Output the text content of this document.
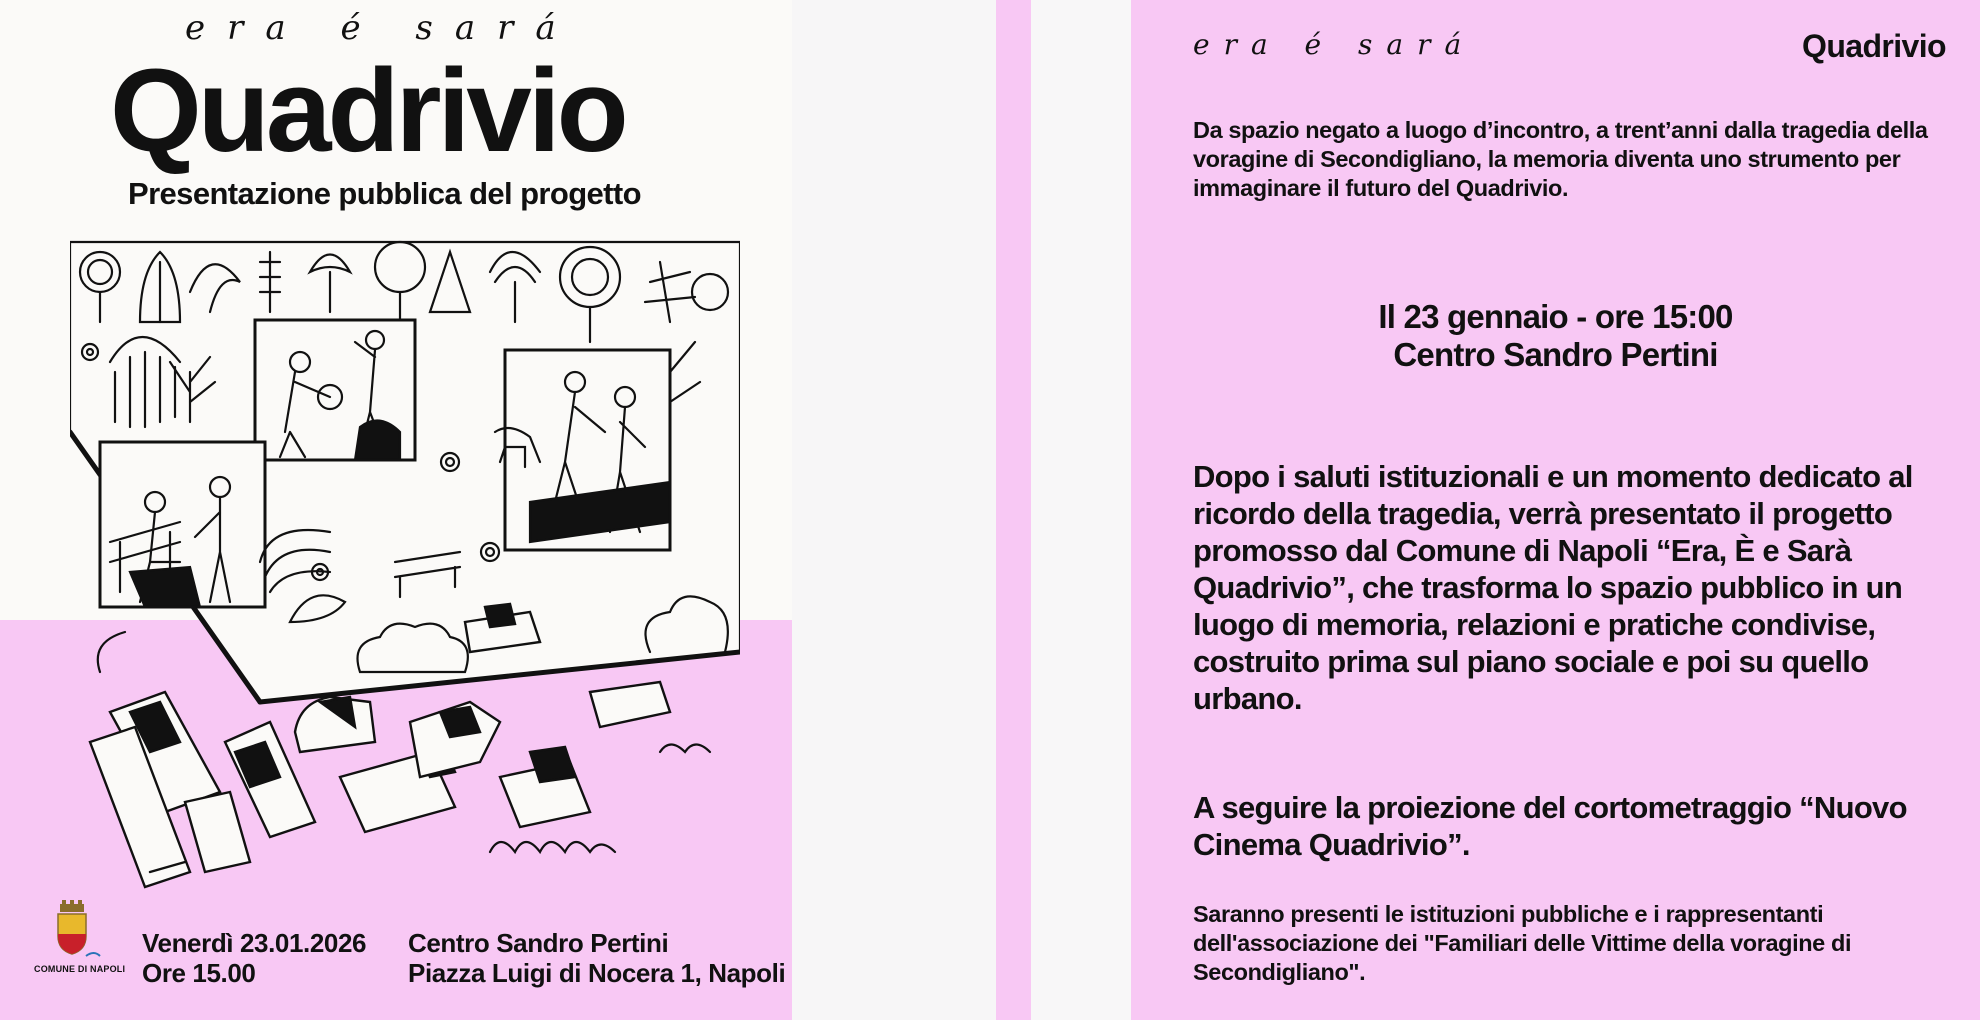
era é sará
Quadrivio
Presentazione pubblica del progetto
COMUNE DI NAPOLI
Venerdì 23.01.2026
Ore 15.00
Centro Sandro Pertini
Piazza Luigi di Nocera 1, Napoli
era é sará	Quadrivio
Da spazio negato a luogo d’incontro, a trent’anni dalla tragedia della voragine di Secondigliano, la memoria diventa uno strumento per immaginare il futuro del Quadrivio.
Il 23 gennaio - ore 15:00
Centro Sandro Pertini
Dopo i saluti istituzionali e un momento dedicato al ricordo della tragedia, verrà presentato il progetto promosso dal Comune di Napoli “Era, È e Sarà Quadrivio”, che trasforma lo spazio pubblico in un luogo di memoria, relazioni e pratiche condivise, costruito prima sul piano sociale e poi su quello urbano.
A seguire la proiezione del cortometraggio “Nuovo Cinema Quadrivio”.
Saranno presenti le istituzioni pubbliche e i rappresentanti dell'associazione dei "Familiari delle Vittime della voragine di Secondigliano".
